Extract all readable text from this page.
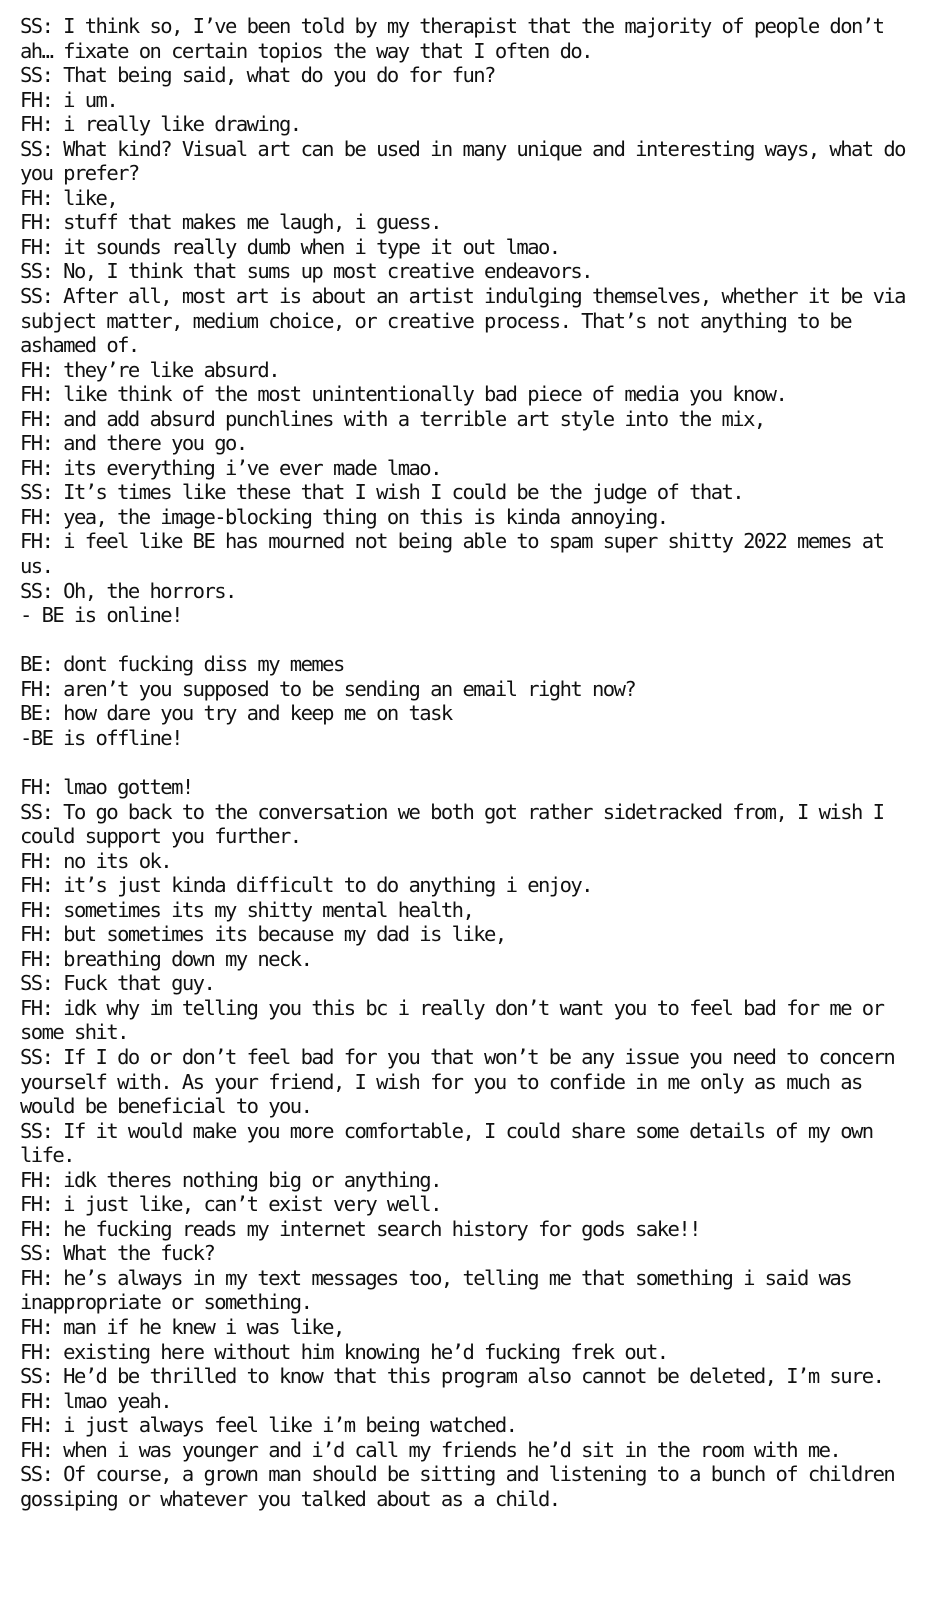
SS: I think so, I’ve been told by my therapist that the majority of people don’t ah… fixate on certain topios the way that I often do.
SS: That being said, what do you do for fun?
FH: i um.
FH: i really like drawing.
SS: What kind? Visual art can be used in many unique and interesting ways, what do you prefer?
FH: like,
FH: stuff that makes me laugh, i guess.
FH: it sounds really dumb when i type it out lmao.
SS: No, I think that sums up most creative endeavors.
SS: After all, most art is about an artist indulging themselves, whether it be via subject matter, medium choice, or creative process. That’s not anything to be ashamed of.
FH: they’re like absurd.
FH: like think of the most unintentionally bad piece of media you know.
FH: and add absurd punchlines with a terrible art style into the mix,
FH: and there you go.
FH: its everything i’ve ever made lmao.
SS: It’s times like these that I wish I could be the judge of that.
FH: yea, the image-blocking thing on this is kinda annoying.
FH: i feel like BE has mourned not being able to spam super shitty 2022 memes at us.
SS: Oh, the horrors.
- BE is online!
BE: dont fucking diss my memes
FH: aren’t you supposed to be sending an email right now?
BE: how dare you try and keep me on task
-BE is offline!
FH: lmao gottem!
SS: To go back to the conversation we both got rather sidetracked from, I wish I could support you further.
FH: no its ok.
FH: it’s just kinda difficult to do anything i enjoy.
FH: sometimes its my shitty mental health,
FH: but sometimes its because my dad is like,
FH: breathing down my neck.
SS: Fuck that guy.
FH: idk why im telling you this bc i really don’t want you to feel bad for me or some shit.
SS: If I do or don’t feel bad for you that won’t be any issue you need to concern yourself with. As your friend, I wish for you to confide in me only as much as would be beneficial to you.
SS: If it would make you more comfortable, I could share some details of my own life.
FH: idk theres nothing big or anything.
FH: i just like, can’t exist very well.
FH: he fucking reads my internet search history for gods sake!!
SS: What the fuck?
FH: he’s always in my text messages too, telling me that something i said was inappropriate or something.
FH: man if he knew i was like,
FH: existing here without him knowing he’d fucking frek out.
SS: He’d be thrilled to know that this program also cannot be deleted, I’m sure.
FH: lmao yeah.
FH: i just always feel like i’m being watched.
FH: when i was younger and i’d call my friends he’d sit in the room with me.
SS: Of course, a grown man should be sitting and listening to a bunch of children gossiping or whatever you talked about as a child.
